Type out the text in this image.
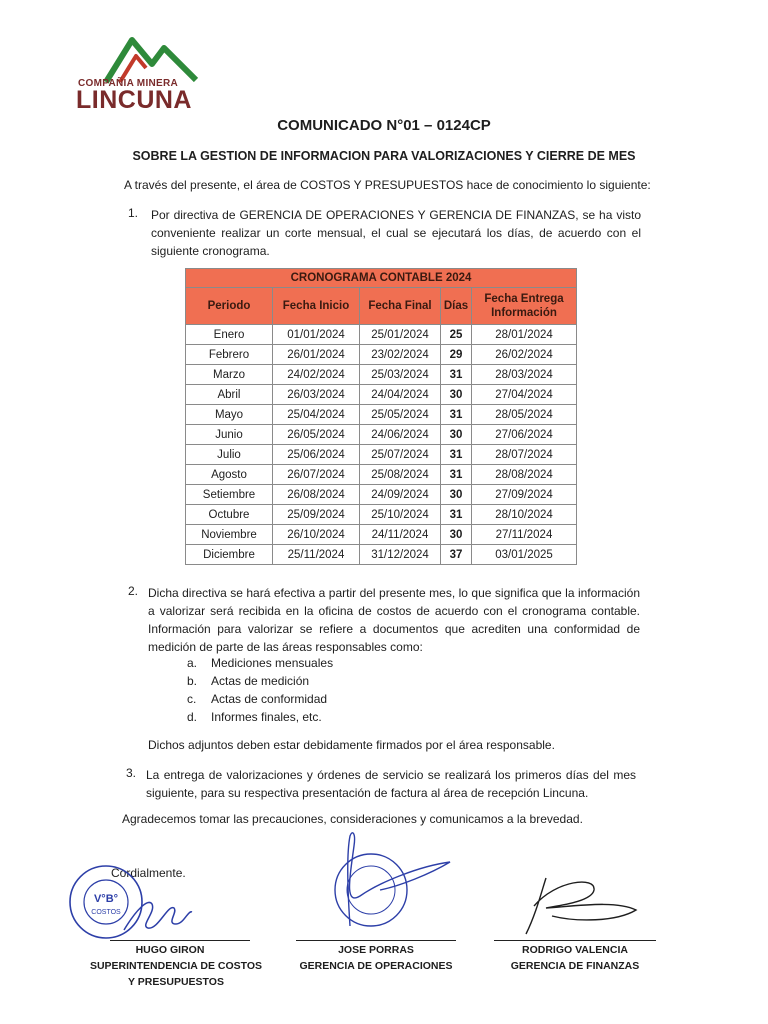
COMPAÑIA MINERA
LINCUNA
COMUNICADO N°01 – 0124CP
SOBRE LA GESTION DE INFORMACION PARA VALORIZACIONES Y CIERRE DE MES
A través del presente, el área de COSTOS Y PRESUPUESTOS hace de conocimiento lo siguiente:
1. Por directiva de GERENCIA DE OPERACIONES Y GERENCIA DE FINANZAS, se ha visto conveniente realizar un corte mensual, el cual se ejecutará los días, de acuerdo con el siguiente cronograma.
CRONOGRAMA CONTABLE 2024				
Periodo	Fecha Inicio	Fecha Final	Días	Fecha Entrega Información
Enero	01/01/2024	25/01/2024	25	28/01/2024
Febrero	26/01/2024	23/02/2024	29	26/02/2024
Marzo	24/02/2024	25/03/2024	31	28/03/2024
Abril	26/03/2024	24/04/2024	30	27/04/2024
Mayo	25/04/2024	25/05/2024	31	28/05/2024
Junio	26/05/2024	24/06/2024	30	27/06/2024
Julio	25/06/2024	25/07/2024	31	28/07/2024
Agosto	26/07/2024	25/08/2024	31	28/08/2024
Setiembre	26/08/2024	24/09/2024	30	27/09/2024
Octubre	25/09/2024	25/10/2024	31	28/10/2024
Noviembre	26/10/2024	24/11/2024	30	27/11/2024
Diciembre	25/11/2024	31/12/2024	37	03/01/2025
2. Dicha directiva se hará efectiva a partir del presente mes, lo que significa que la información a valorizar será recibida en la oficina de costos de acuerdo con el cronograma contable. Información para valorizar se refiere a documentos que acrediten una conformidad de medición de parte de las áreas responsables como:
a. Mediciones mensuales
b. Actas de medición
c. Actas de conformidad
d. Informes finales, etc.
Dichos adjuntos deben estar debidamente firmados por el área responsable.
3. La entrega de valorizaciones y órdenes de servicio se realizará los primeros días del mes siguiente, para su respectiva presentación de factura al área de recepción Lincuna.
Agradecemos tomar las precauciones, consideraciones y comunicamos a la brevedad.
Cordialmente.
V°B°
COSTOS
HUGO GIRON
SUPERINTENDENCIA DE COSTOS
Y PRESUPUESTOS
JOSE PORRAS
GERENCIA DE OPERACIONES
RODRIGO VALENCIA
GERENCIA DE FINANZAS
